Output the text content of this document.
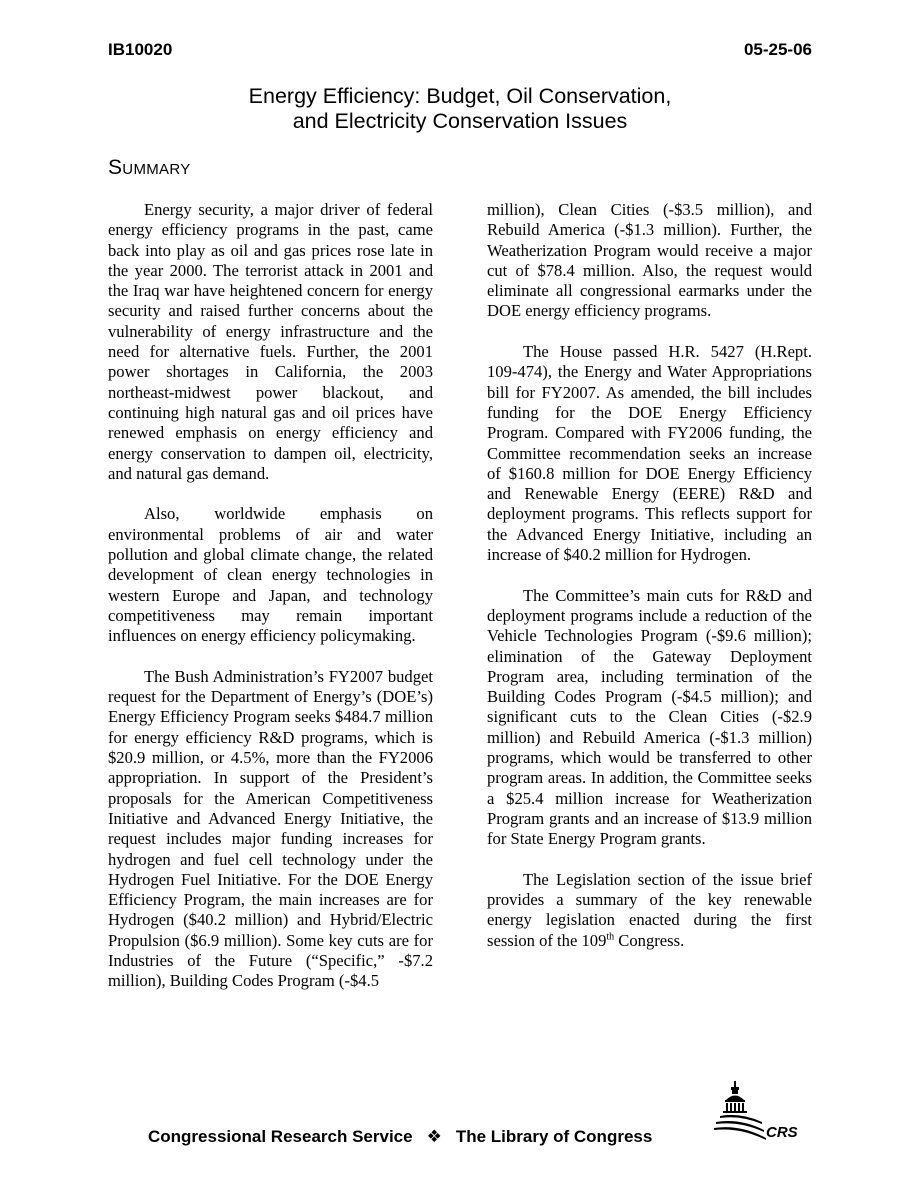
IB10020	05-25-06
Energy Efficiency: Budget, Oil Conservation,
and Electricity Conservation Issues
Summary

Energy security, a major driver of federal energy efficiency programs in the past, came back into play as oil and gas prices rose late in the year 2000. The terrorist attack in 2001 and the Iraq war have heightened concern for energy security and raised further concerns about the vulnerability of energy infrastructure and the need for alternative fuels. Further, the 2001 power shortages in California, the 2003 northeast-midwest power blackout, and continuing high natural gas and oil prices have renewed emphasis on energy efficiency and energy conservation to dampen oil, electricity, and natural gas demand.

Also, worldwide emphasis on environmental problems of air and water pollution and global climate change, the related development of clean energy technologies in western Europe and Japan, and technology competitiveness may remain important influences on energy efficiency policymaking.

The Bush Administration’s FY2007 budget request for the Department of Energy’s (DOE’s) Energy Efficiency Program seeks $484.7 million for energy efficiency R&D programs, which is $20.9 million, or 4.5%, more than the FY2006 appropriation. In support of the President’s proposals for the American Competitiveness Initiative and Advanced Energy Initiative, the request includes major funding increases for hydrogen and fuel cell technology under the Hydrogen Fuel Initiative. For the DOE Energy Efficiency Program, the main increases are for Hydrogen ($40.2 million) and Hybrid/Electric Propulsion ($6.9 million). Some key cuts are for Industries of the Future (“Specific,” -$7.2 million), Building Codes Program (-$4.5

million), Clean Cities (-$3.5 million), and Rebuild America (-$1.3 million). Further, the Weatherization Program would receive a major cut of $78.4 million. Also, the request would eliminate all congressional earmarks under the DOE energy efficiency programs.

The House passed H.R. 5427 (H.Rept. 109-474), the Energy and Water Appropriations bill for FY2007. As amended, the bill includes funding for the DOE Energy Efficiency Program. Compared with FY2006 funding, the Committee recommendation seeks an increase of $160.8 million for DOE Energy Efficiency and Renewable Energy (EERE) R&D and deployment programs. This reflects support for the Advanced Energy Initiative, including an increase of $40.2 million for Hydrogen.

The Committee’s main cuts for R&D and deployment programs include a reduction of the Vehicle Technologies Program (-$9.6 million); elimination of the Gateway Deployment Program area, including termination of the Building Codes Program (-$4.5 million); and significant cuts to the Clean Cities (-$2.9 million) and Rebuild America (-$1.3 million) programs, which would be transferred to other program areas. In addition, the Committee seeks a $25.4 million increase for Weatherization Program grants and an increase of $13.9 million for State Energy Program grants.

The Legislation section of the issue brief provides a summary of the key renewable energy legislation enacted during the first session of the 109th Congress.

Congressional Research Service ❖ The Library of Congress	CRS
